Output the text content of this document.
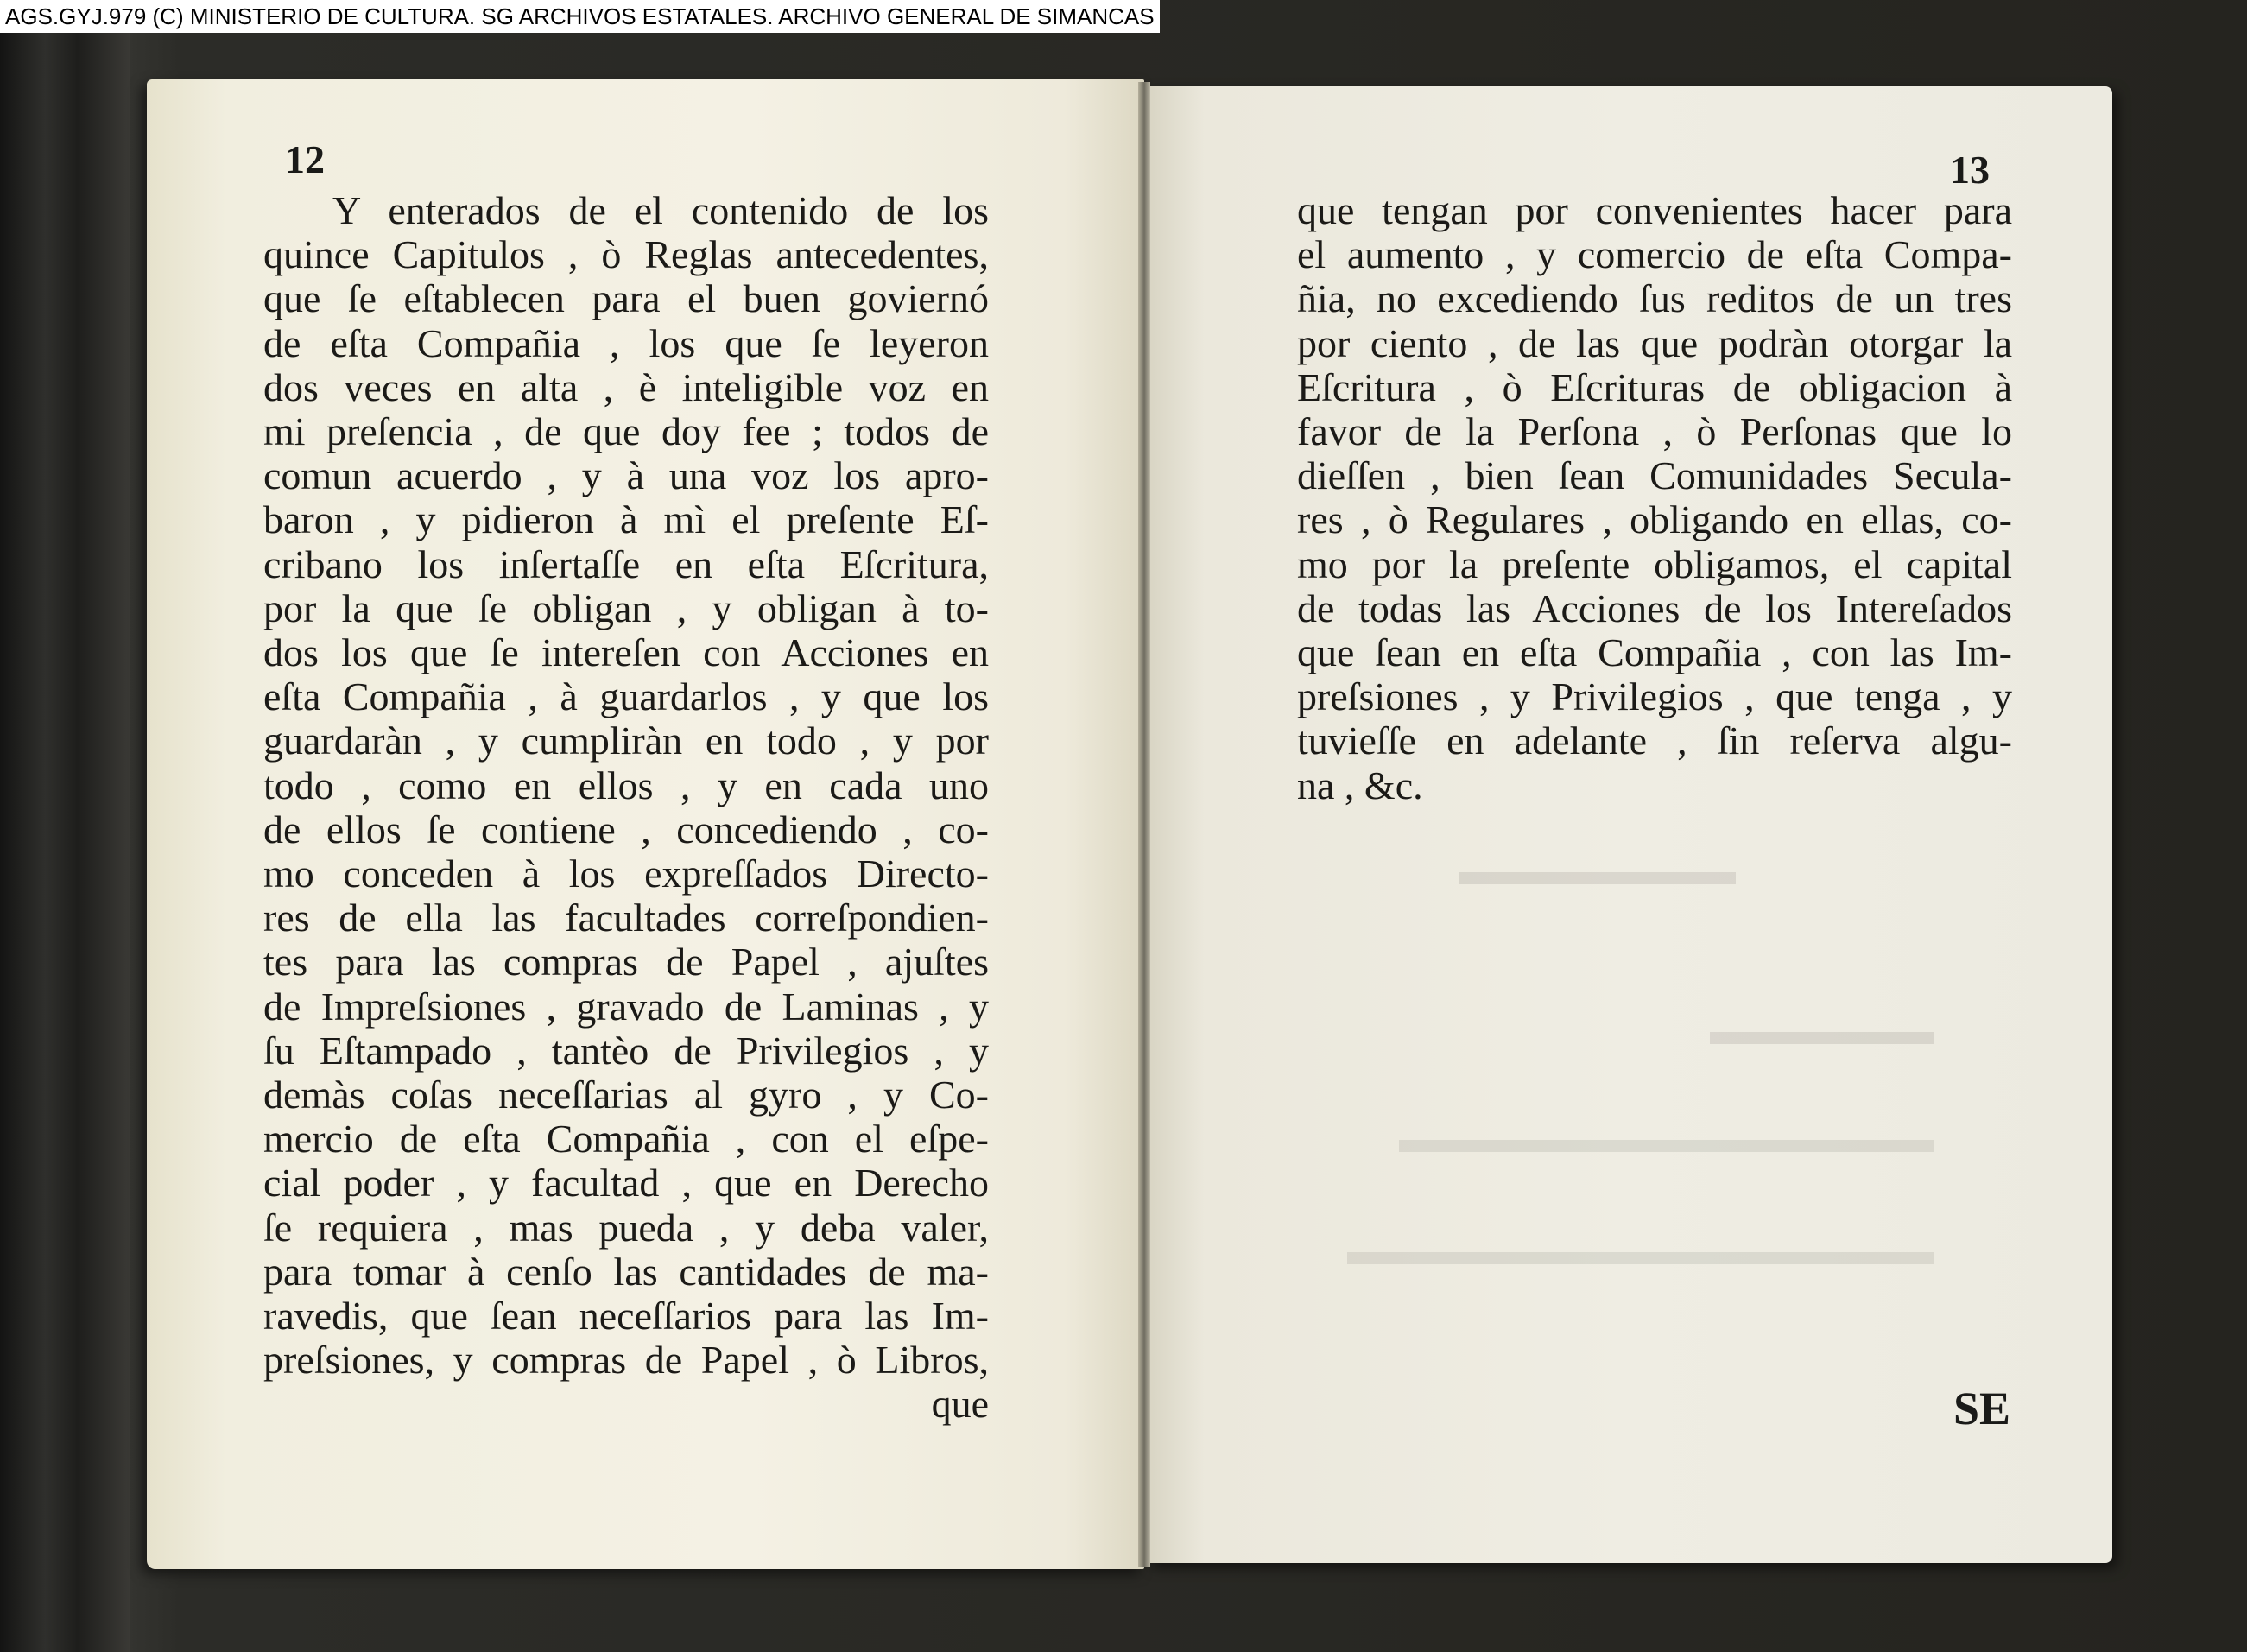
AGS.GYJ.979 (C) MINISTERIO DE CULTURA. SG ARCHIVOS ESTATALES. ARCHIVO GENERAL DE SIMANCAS
12	13
Y enterados de el contenido de los
quince Capitulos , ò Reglas antecedentes,
que ſe eſtablecen para el buen goviernó
de eſta Compañia , los que ſe leyeron
dos veces en alta , è inteligible voz en
mi preſencia , de que doy fee ; todos de
comun acuerdo , y à una voz los apro-
baron , y pidieron à mì el preſente Eſ-
cribano los inſertaſſe en eſta Eſcritura,
por la que ſe obligan , y obligan à to-
dos los que ſe intereſen con Acciones en
eſta Compañia , à guardarlos , y que los
guardaràn , y cumpliràn en todo , y por
todo , como en ellos , y en cada uno
de ellos ſe contiene , concediendo , co-
mo conceden à los expreſſados Directo-
res de ella las facultades correſpondien-
tes para las compras de Papel , ajuſtes
de Impreſsiones , gravado de Laminas , y
ſu Eſtampado , tantèo de Privilegios , y
demàs coſas neceſſarias al gyro , y Co-
mercio de eſta Compañia , con el eſpe-
cial poder , y facultad , que en Derecho
ſe requiera , mas pueda , y deba valer,
para tomar à cenſo las cantidades de ma-
ravedis, que ſean neceſſarios para las Im-
preſsiones, y compras de Papel , ò Libros,
que
que tengan por convenientes hacer para
el aumento , y comercio de eſta Compa-
ñia, no excediendo ſus reditos de un tres
por ciento , de las que podràn otorgar la
Eſcritura , ò Eſcrituras de obligacion à
favor de la Perſona , ò Perſonas que lo
dieſſen , bien ſean Comunidades Secula-
res , ò Regulares , obligando en ellas, co-
mo por la preſente obligamos, el capital
de todas las Acciones de los Intereſados
que ſean en eſta Compañia , con las Im-
preſsiones , y Privilegios , que tenga , y
tuvieſſe en adelante , ſin reſerva algu-
na , &c.
SE
